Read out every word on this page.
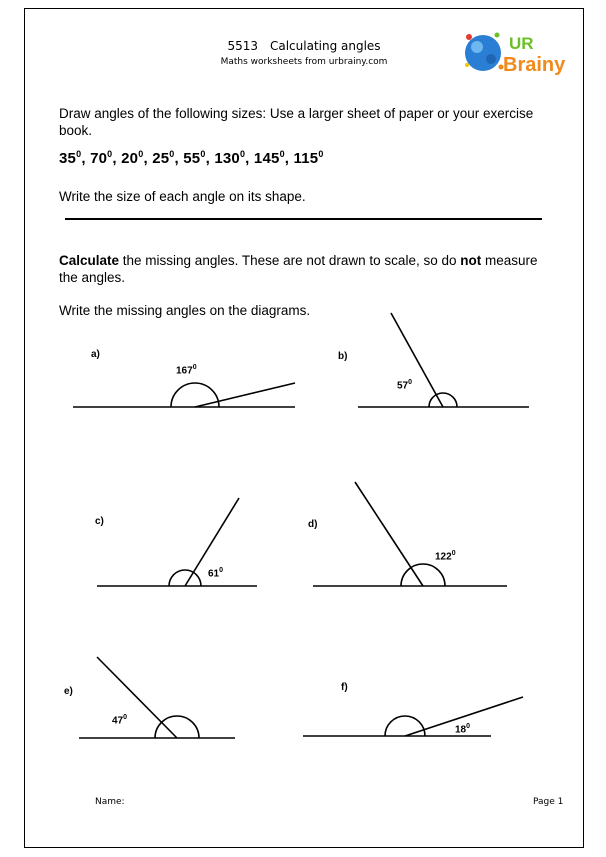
5513 Calculating angles
Maths worksheets from urbrainy.com
UR
Brainy
Draw angles of the following sizes: Use a larger sheet of paper or your exercise book.
$35^0$, $70^0$, $20^0$, $25^0$, $55^0$, $130^0$, $145^0$, $115^0$
Write the size of each angle on its shape.
Calculate the missing angles. These are not drawn to scale, so do not measure the angles.
Write the missing angles on the diagrams.
a)	b)
c)	d)
e)	f)
$167^0$
$57^0$
$61^0$
$122^0$
$47^0$
$18^0$
Name:	Page 1
